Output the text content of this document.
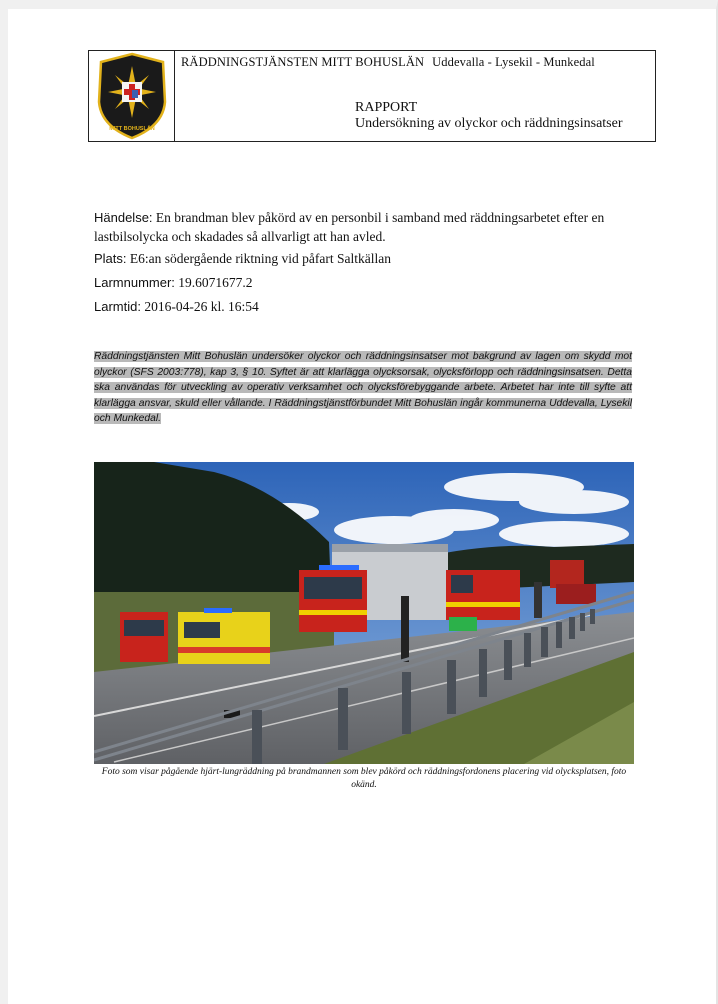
MITT BOHUSLÄN
RÄDDNINGSTJÄNSTEN MITT BOHUSLÄN Uddevalla - Lysekil - Munkedal
RAPPORT
Undersökning av olyckor och räddningsinsatser
Händelse: En brandman blev påkörd av en personbil i samband med räddningsarbetet efter en lastbilsolycka och skadades så allvarligt att han avled.
Plats: E6:an södergående riktning vid påfart Saltkällan
Larmnummer: 19.6071677.2
Larmtid: 2016-04-26 kl. 16:54
Räddningstjänsten Mitt Bohuslän undersöker olyckor och räddningsinsatser mot bakgrund av lagen om skydd mot olyckor (SFS 2003:778), kap 3, § 10. Syftet är att klarlägga olycksorsak, olycksförlopp och räddningsinsatsen. Detta ska användas för utveckling av operativ verksamhet och olycksförebyggande arbete. Arbetet har inte till syfte att klarlägga ansvar, skuld eller vållande. I Räddningstjänstförbundet Mitt Bohuslän ingår kommunerna Uddevalla, Lysekil och Munkedal.
Foto som visar pågående hjärt-lungräddning på brandmannen som blev påkörd och räddningsfordonens placering vid olycksplatsen, foto okänd.
